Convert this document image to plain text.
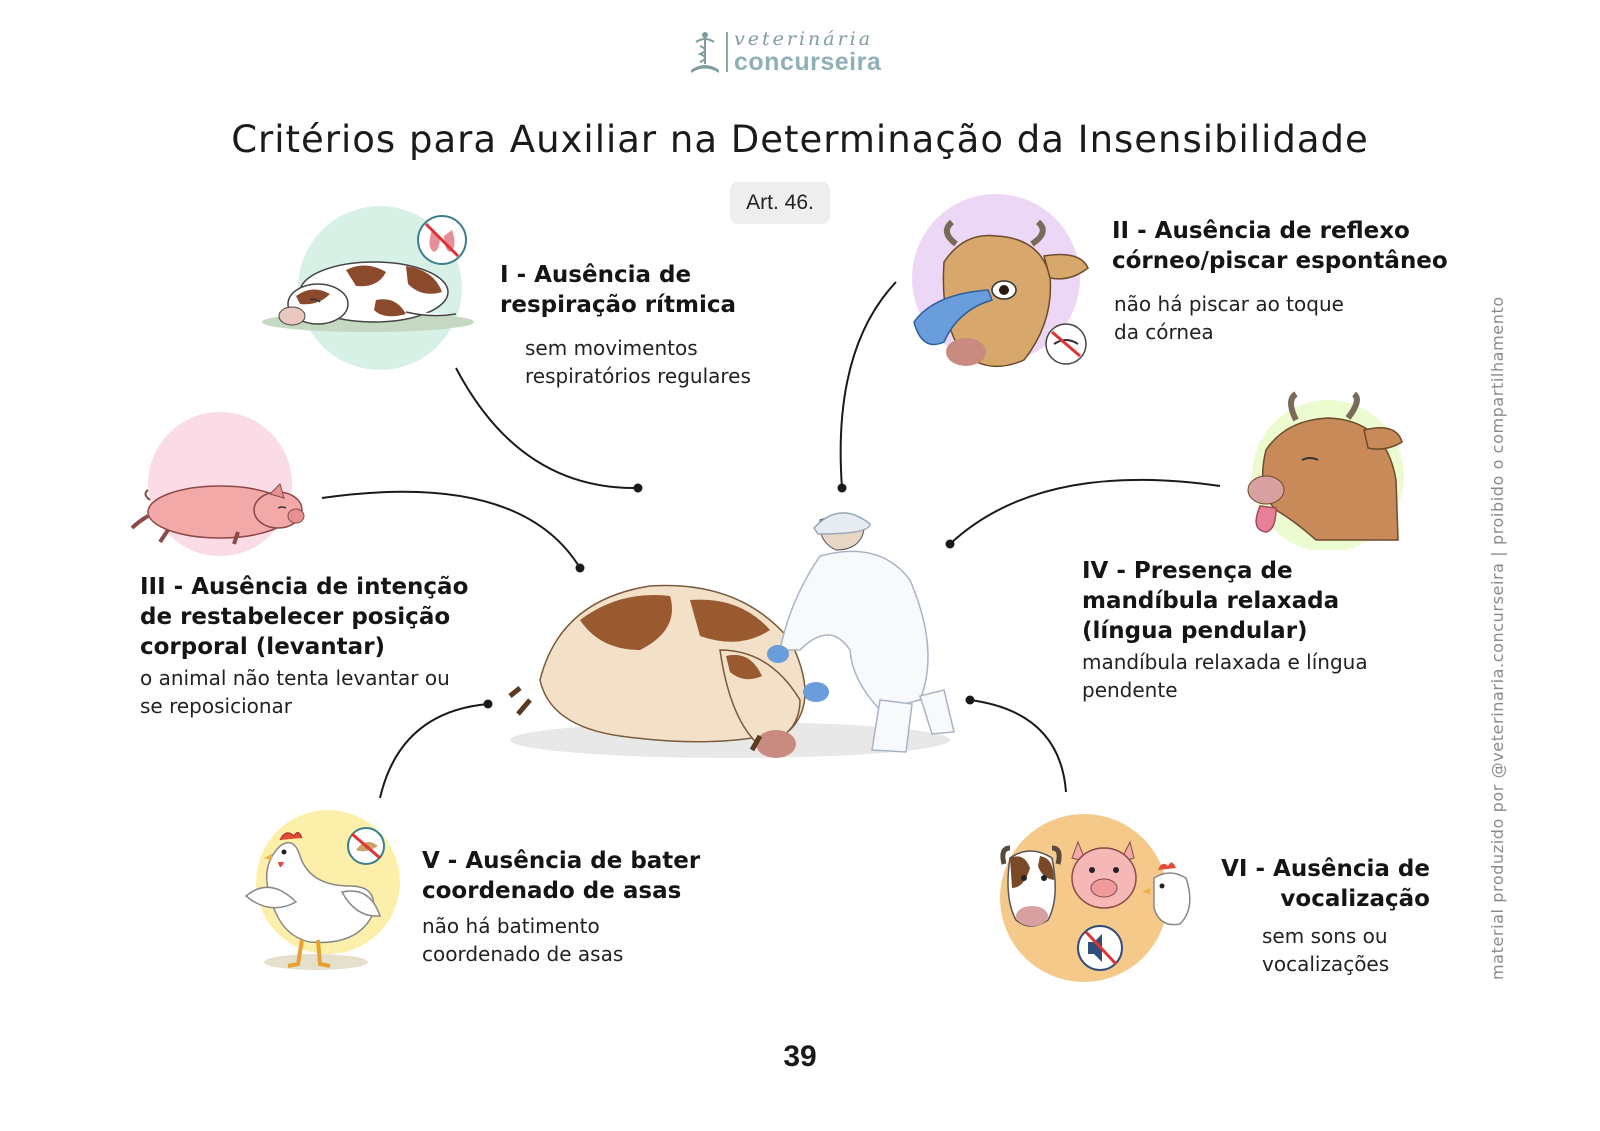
veterinária
concurseira
Critérios para Auxiliar na Determinação da Insensibilidade
Art. 46.
I - Ausência de respiração rítmica
sem movimentos respiratórios regulares
II - Ausência de reflexo córneo/piscar espontâneo
não há piscar ao toque da córnea
III - Ausência de intenção de restabelecer posição corporal (levantar)
o animal não tenta levantar ou se reposicionar
IV - Presença de mandíbula relaxada (língua pendular)
mandíbula relaxada e língua pendente
V - Ausência de bater coordenado de asas
não há batimento coordenado de asas
VI - Ausência de vocalização
sem sons ou vocalizações	material produzido por @veterinaria.concurseira | proibido o compartilhamento
39
